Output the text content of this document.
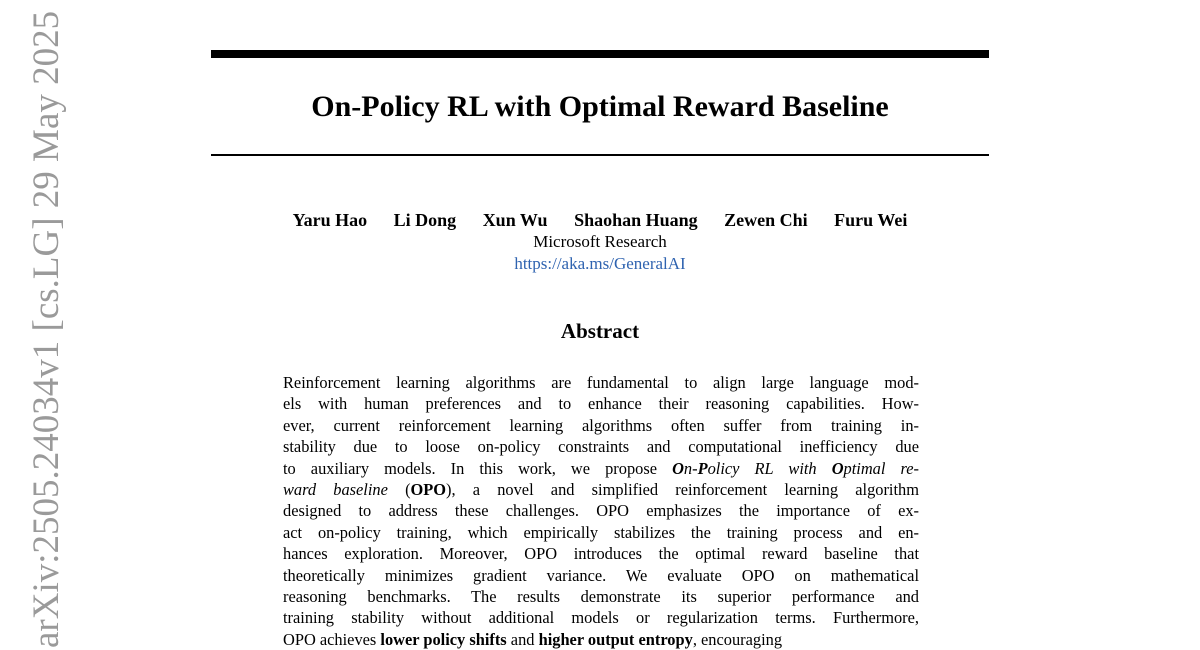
On-Policy RL with Optimal Reward Baseline
Yaru Hao Li Dong Xun Wu Shaohan Huang Zewen Chi Furu Wei
Microsoft Research
https://aka.ms/GeneralAI
Abstract
Reinforcement learning algorithms are fundamental to align large language mod-
els with human preferences and to enhance their reasoning capabilities. How-
ever, current reinforcement learning algorithms often suffer from training in-
stability due to loose on-policy constraints and computational inefficiency due
to auxiliary models. In this work, we propose On-Policy RL with Optimal re-
ward baseline (OPO), a novel and simplified reinforcement learning algorithm
designed to address these challenges. OPO emphasizes the importance of ex-
act on-policy training, which empirically stabilizes the training process and en-
hances exploration. Moreover, OPO introduces the optimal reward baseline that
theoretically minimizes gradient variance. We evaluate OPO on mathematical
reasoning benchmarks. The results demonstrate its superior performance and
training stability without additional models or regularization terms. Furthermore,
OPO achieves lower policy shifts and higher output entropy, encouraging
arXiv:2505.24034v1 [cs.LG] 29 May 2025
